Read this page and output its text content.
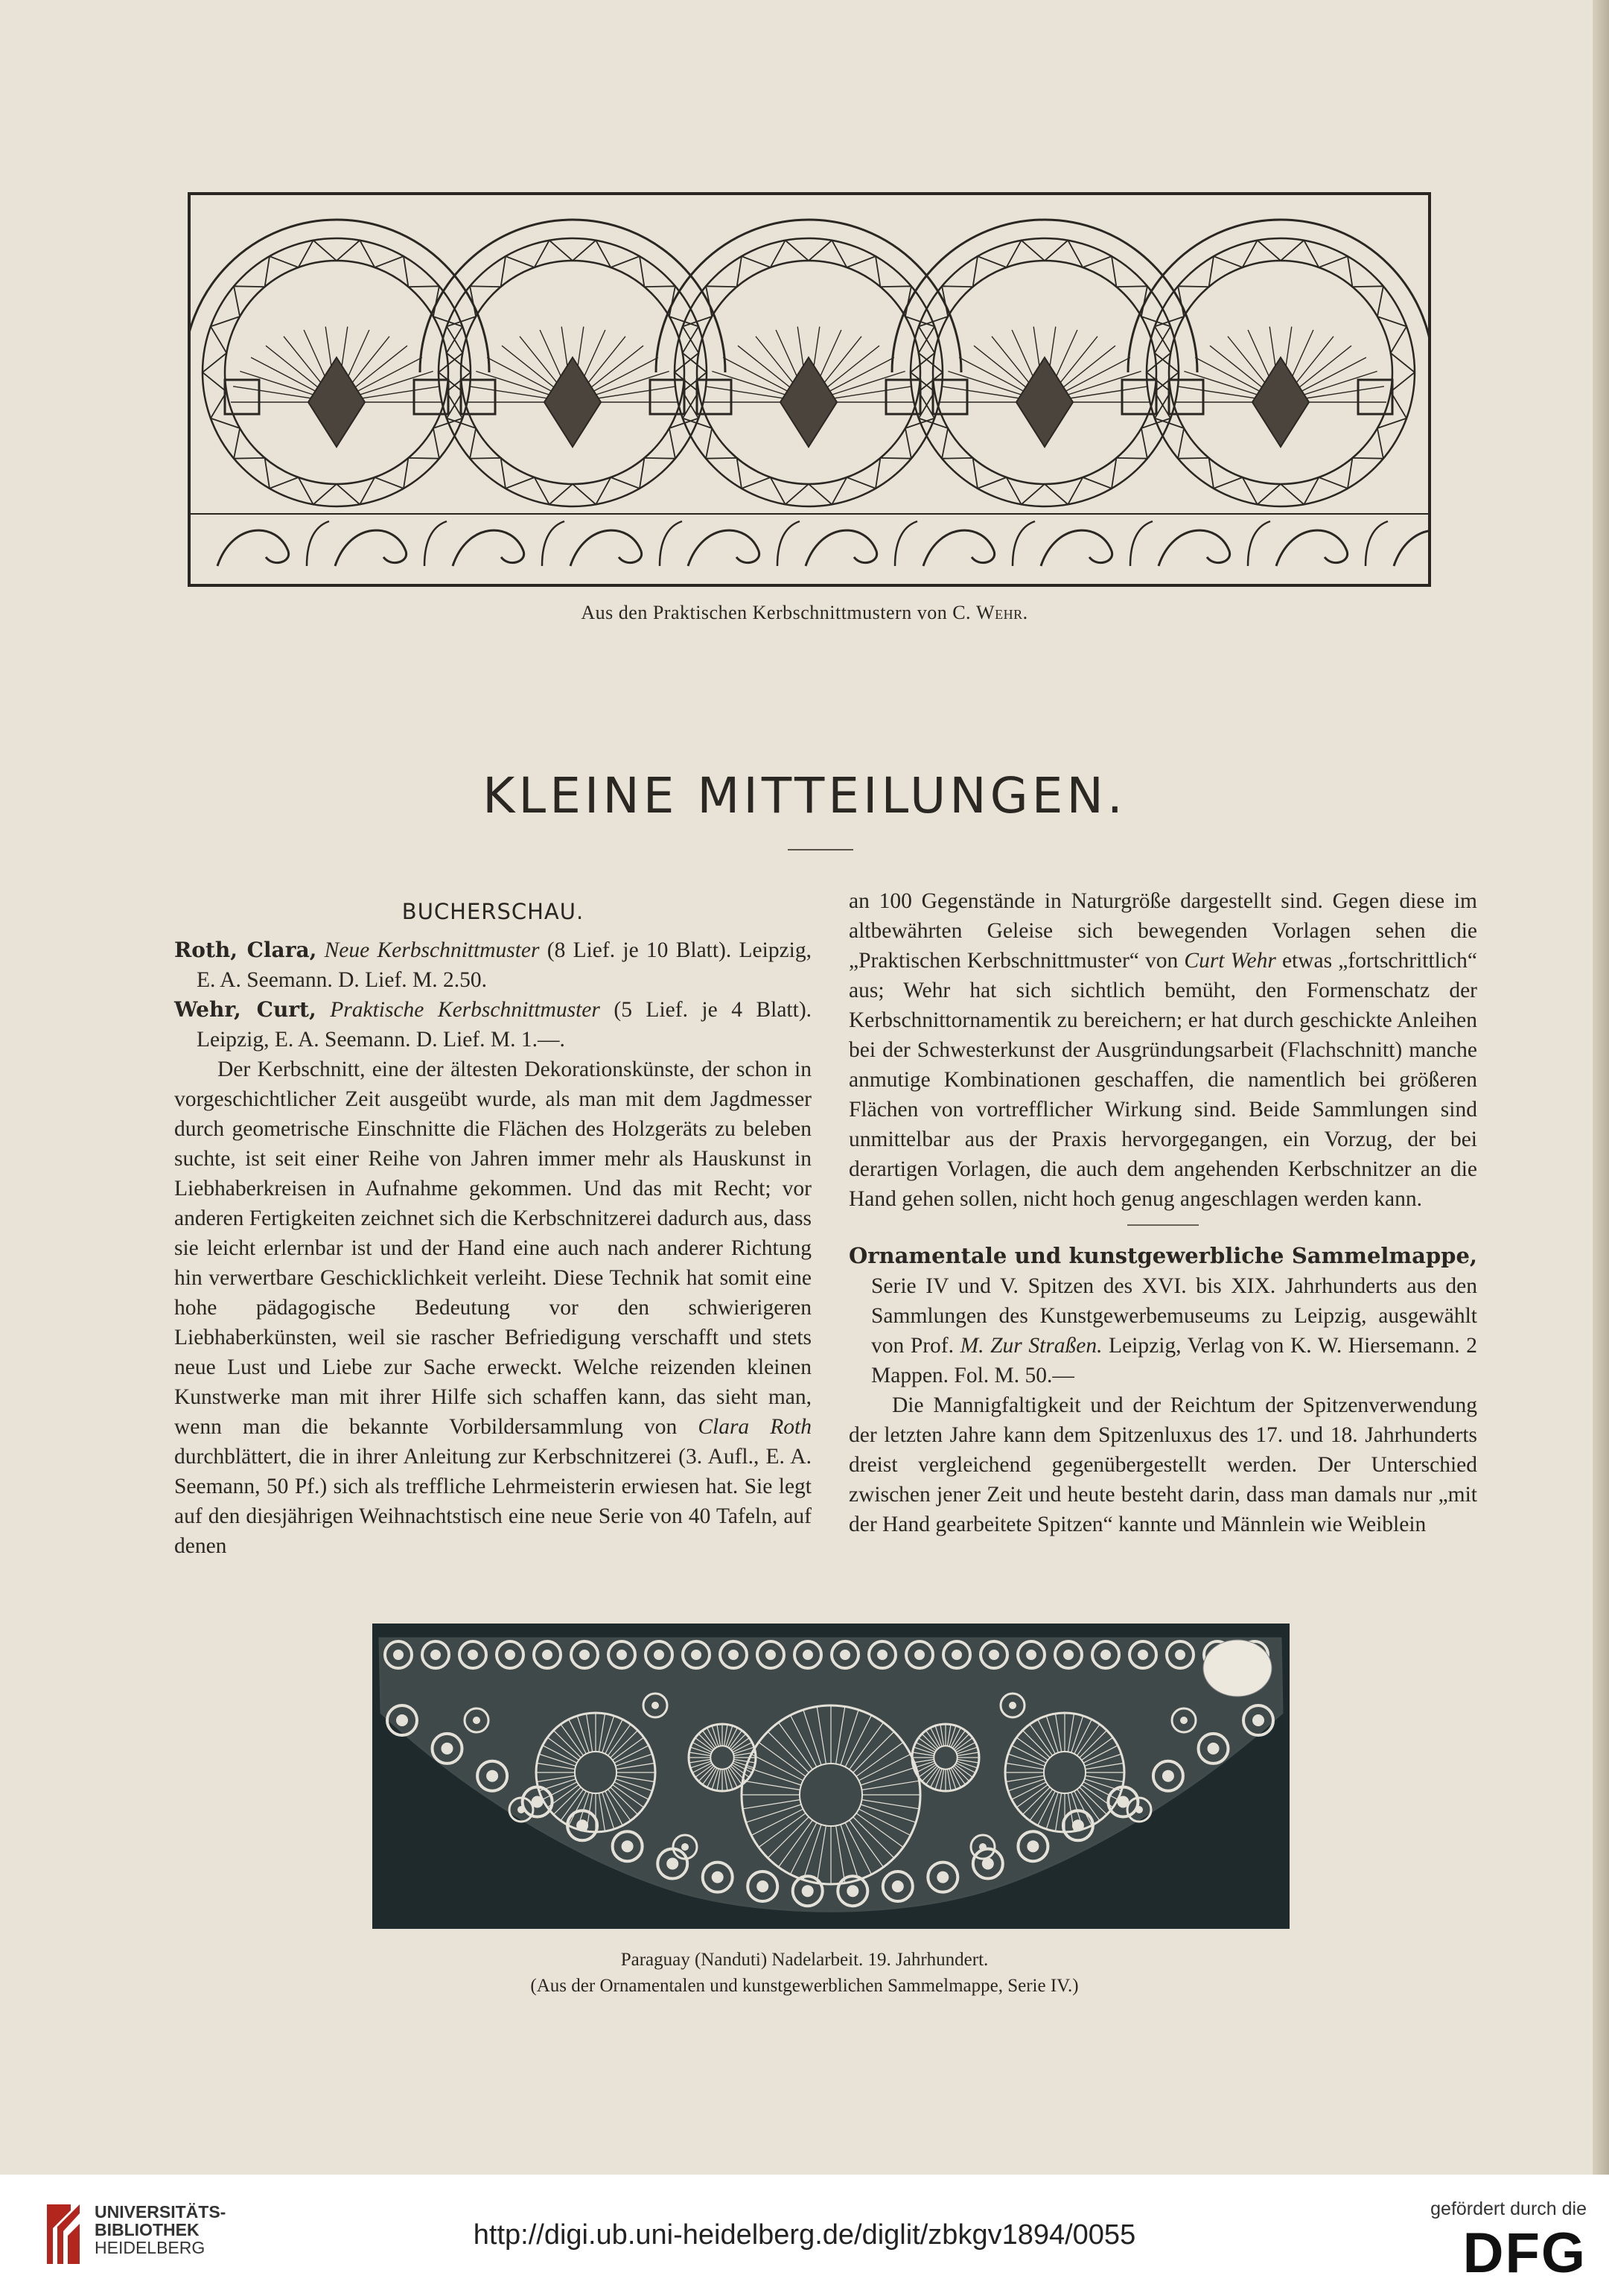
Aus den Praktischen Kerbschnittmustern von C. Wehr.
KLEINE MITTEILUNGEN.

BUCHERSCHAU.

Roth, Clara, Neue Kerbschnittmuster (8 Lief. je 10 Blatt). Leipzig, E. A. Seemann. D. Lief. M. 2.50.

Wehr, Curt, Praktische Kerbschnittmuster (5 Lief. je 4 Blatt). Leipzig, E. A. Seemann. D. Lief. M. 1.—.

Der Kerbschnitt, eine der ältesten Dekorationskünste, der schon in vorgeschichtlicher Zeit ausgeübt wurde, als man mit dem Jagdmesser durch geometrische Einschnitte die Flächen des Holzgeräts zu beleben suchte, ist seit einer Reihe von Jahren immer mehr als Hauskunst in Liebhaberkreisen in Aufnahme gekommen. Und das mit Recht; vor anderen Fertigkeiten zeichnet sich die Kerbschnitzerei dadurch aus, dass sie leicht erlernbar ist und der Hand eine auch nach anderer Richtung hin verwertbare Geschicklichkeit verleiht. Diese Technik hat somit eine hohe pädagogische Bedeutung vor den schwierigeren Liebhaberkünsten, weil sie rascher Befriedigung verschafft und stets neue Lust und Liebe zur Sache erweckt. Welche reizenden kleinen Kunstwerke man mit ihrer Hilfe sich schaffen kann, das sieht man, wenn man die bekannte Vorbildersammlung von Clara Roth durchblättert, die in ihrer Anleitung zur Kerbschnitzerei (3. Aufl., E. A. Seemann, 50 Pf.) sich als treffliche Lehrmeisterin erwiesen hat. Sie legt auf den diesjährigen Weihnachtstisch eine neue Serie von 40 Tafeln, auf denen

an 100 Gegenstände in Naturgröße dargestellt sind. Gegen diese im altbewährten Geleise sich bewegenden Vorlagen sehen die „Praktischen Kerbschnittmuster“ von Curt Wehr etwas „fortschrittlich“ aus; Wehr hat sich sichtlich bemüht, den Formenschatz der Kerbschnittornamentik zu bereichern; er hat durch geschickte Anleihen bei der Schwesterkunst der Ausgründungsarbeit (Flachschnitt) manche anmutige Kombinationen geschaffen, die namentlich bei größeren Flächen von vortrefflicher Wirkung sind. Beide Sammlungen sind unmittelbar aus der Praxis hervorgegangen, ein Vorzug, der bei derartigen Vorlagen, die auch dem angehenden Kerbschnitzer an die Hand gehen sollen, nicht hoch genug angeschlagen werden kann.

Ornamentale und kunstgewerbliche Sammelmappe, Serie IV und V. Spitzen des XVI. bis XIX. Jahrhunderts aus den Sammlungen des Kunstgewerbemuseums zu Leipzig, ausgewählt von Prof. M. Zur Straßen. Leipzig, Verlag von K. W. Hiersemann. 2 Mappen. Fol. M. 50.—

Die Mannigfaltigkeit und der Reichtum der Spitzenverwendung der letzten Jahre kann dem Spitzenluxus des 17. und 18. Jahrhunderts dreist vergleichend gegenübergestellt werden. Der Unterschied zwischen jener Zeit und heute besteht darin, dass man damals nur „mit der Hand gearbeitete Spitzen“ kannte und Männlein wie Weiblein

Paraguay (Nanduti) Nadelarbeit. 19. Jahrhundert.
(Aus der Ornamentalen und kunstgewerblichen Sammelmappe, Serie IV.)
UNIVERSITÄTS-
BIBLIOTHEK
HEIDELBERG	http://digi.ub.uni-heidelberg.de/diglit/zbkgv1894/0055
gefördert durch die
DFG
